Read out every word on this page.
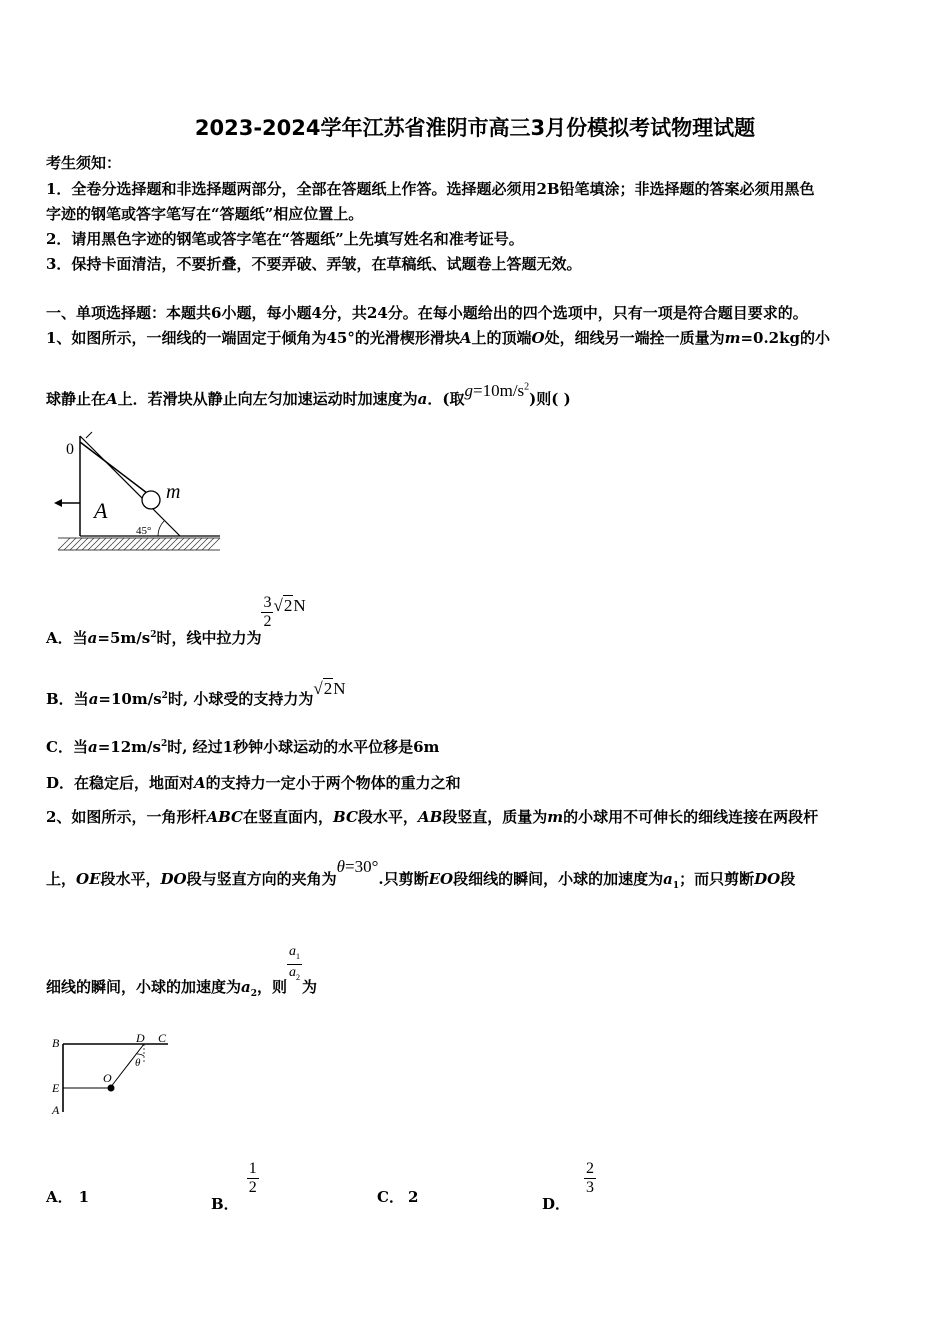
2023-2024学年江苏省淮阴市高三3月份模拟考试物理试题
考生须知：
1．全卷分选择题和非选择题两部分，全部在答题纸上作答。选择题必须用2B铅笔填涂；非选择题的答案必须用黑色
字迹的钢笔或答字笔写在“答题纸”相应位置上。
2．请用黑色字迹的钢笔或答字笔在“答题纸”上先填写姓名和准考证号。
3．保持卡面清洁，不要折叠，不要弄破、弄皱，在草稿纸、试题卷上答题无效。
一、单项选择题：本题共6小题，每小题4分，共24分。在每小题给出的四个选项中，只有一项是符合题目要求的。
1、如图所示，一细线的一端固定于倾角为45°的光滑楔形滑块A上的顶端O处，细线另一端拴一质量为m=0.2kg的小
球静止在A上．若滑块从静止向左匀加速运动时加速度为a．(取$g=10m/s^2$)则( )
0
A
m
45°
A．当$a=5m/s^2$时，线中拉力为
$\frac{3}{2} √2N$
B．当$a=10m/s^2$时, 小球受的支持力为√2N
C．当$a=12m/s^2$时, 经过1秒钟小球运动的水平位移是6m
D．在稳定后，地面对A的支持力一定小于两个物体的重力之和
2、如图所示，一角形杆ABC在竖直面内，BC段水平，AB段竖直，质量为m的小球用不可伸长的细线连接在两段杆
上，OE段水平，DO段与竖直方向的夹角为θ=30°.只剪断EO段细线的瞬间，小球的加速度为$a_1$；而只剪断DO段
细线的瞬间，小球的加速度为$a_2$，则
$\frac{a_1}{a_2}$
为
B	D C
E
O
A
θ
A． 1	B．
$\frac{1}{2}$	C． 2	D．
$\frac{2}{3}$
